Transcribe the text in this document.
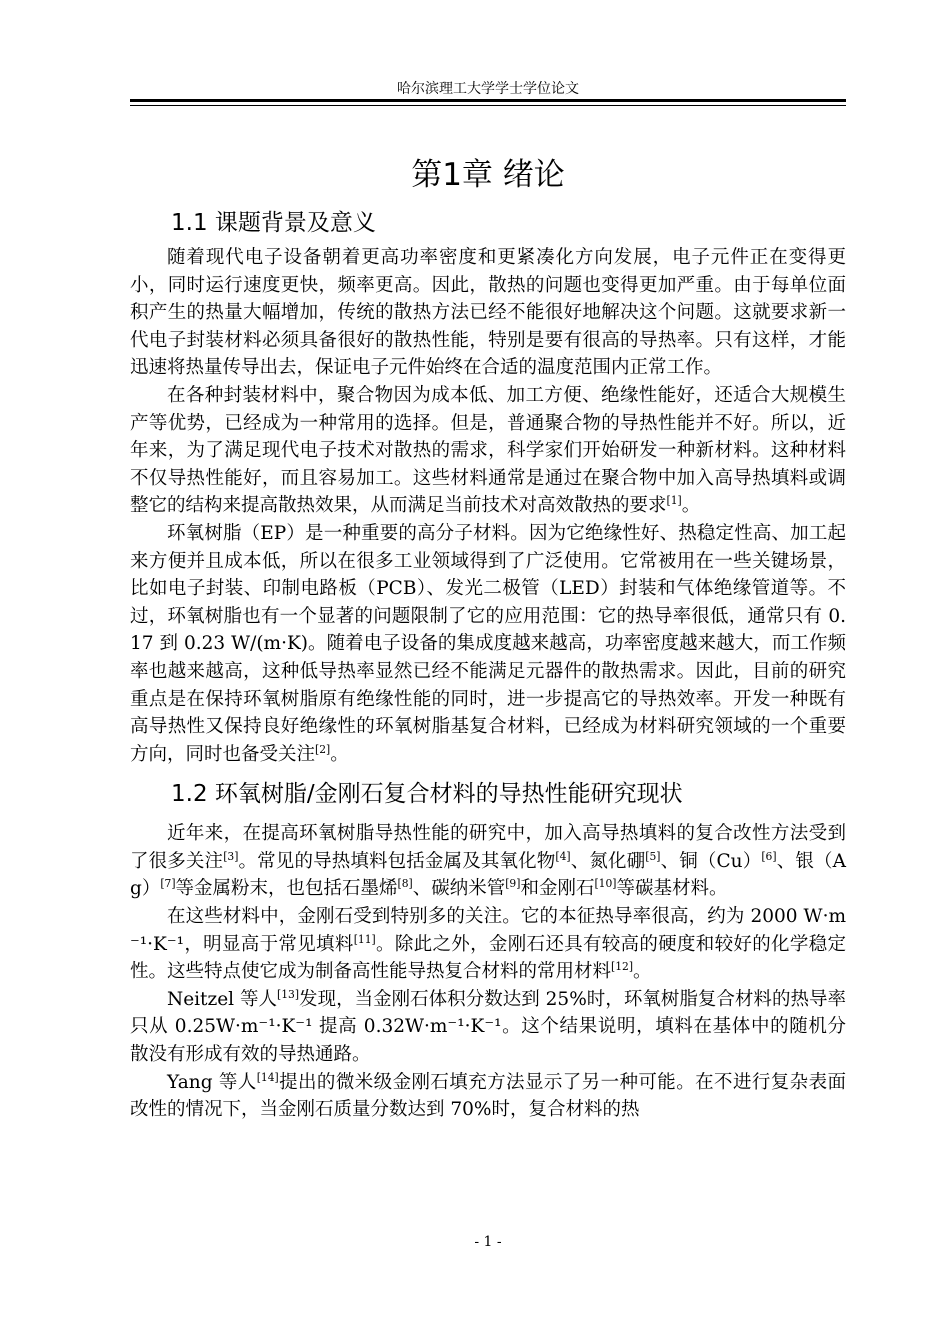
哈尔滨理工大学学士学位论文
第1章 绪论
1.1 课题背景及意义

随着现代电子设备朝着更高功率密度和更紧凑化方向发展，电子元件正在变得更小，同时运行速度更快，频率更高。因此，散热的问题也变得更加严重。由于每单位面积产生的热量大幅增加，传统的散热方法已经不能很好地解决这个问题。这就要求新一代电子封装材料必须具备很好的散热性能，特别是要有很高的导热率。只有这样，才能迅速将热量传导出去，保证电子元件始终在合适的温度范围内正常工作。

在各种封装材料中，聚合物因为成本低、加工方便、绝缘性能好，还适合大规模生产等优势，已经成为一种常用的选择。但是，普通聚合物的导热性能并不好。所以，近年来，为了满足现代电子技术对散热的需求，科学家们开始研发一种新材料。这种材料不仅导热性能好，而且容易加工。这些材料通常是通过在聚合物中加入高导热填料或调整它的结构来提高散热效果，从而满足当前技术对高效散热的要求[1]。

环氧树脂（EP）是一种重要的高分子材料。因为它绝缘性好、热稳定性高、加工起来方便并且成本低，所以在很多工业领域得到了广泛使用。它常被用在一些关键场景，比如电子封装、印制电路板（PCB）、发光二极管（LED）封装和气体绝缘管道等。不过，环氧树脂也有一个显著的问题限制了它的应用范围：它的热导率很低，通常只有 0.17 到 0.23 W/(m·K)。随着电子设备的集成度越来越高，功率密度越来越大，而工作频率也越来越高，这种低导热率显然已经不能满足元器件的散热需求。因此，目前的研究重点是在保持环氧树脂原有绝缘性能的同时，进一步提高它的导热效率。开发一种既有高导热性又保持良好绝缘性的环氧树脂基复合材料，已经成为材料研究领域的一个重要方向，同时也备受关注[2]。

1.2 环氧树脂/金刚石复合材料的导热性能研究现状

近年来，在提高环氧树脂导热性能的研究中，加入高导热填料的复合改性方法受到了很多关注[3]。常见的导热填料包括金属及其氧化物[4]、氮化硼[5]、铜（Cu）[6]、银（Ag）[7]等金属粉末，也包括石墨烯[8]、碳纳米管[9]和金刚石[10]等碳基材料。

在这些材料中，金刚石受到特别多的关注。它的本征热导率很高，约为 2000 W·m⁻¹·K⁻¹，明显高于常见填料[11]。除此之外，金刚石还具有较高的硬度和较好的化学稳定性。这些特点使它成为制备高性能导热复合材料的常用材料[12]。

Neitzel 等人[13]发现，当金刚石体积分数达到 25%时，环氧树脂复合材料的热导率只从 0.25W·m⁻¹·K⁻¹ 提高 0.32W·m⁻¹·K⁻¹。这个结果说明，填料在基体中的随机分散没有形成有效的导热通路。

Yang 等人[14]提出的微米级金刚石填充方法显示了另一种可能。在不进行复杂表面改性的情况下，当金刚石质量分数达到 70%时，复合材料的热

- 1 -
